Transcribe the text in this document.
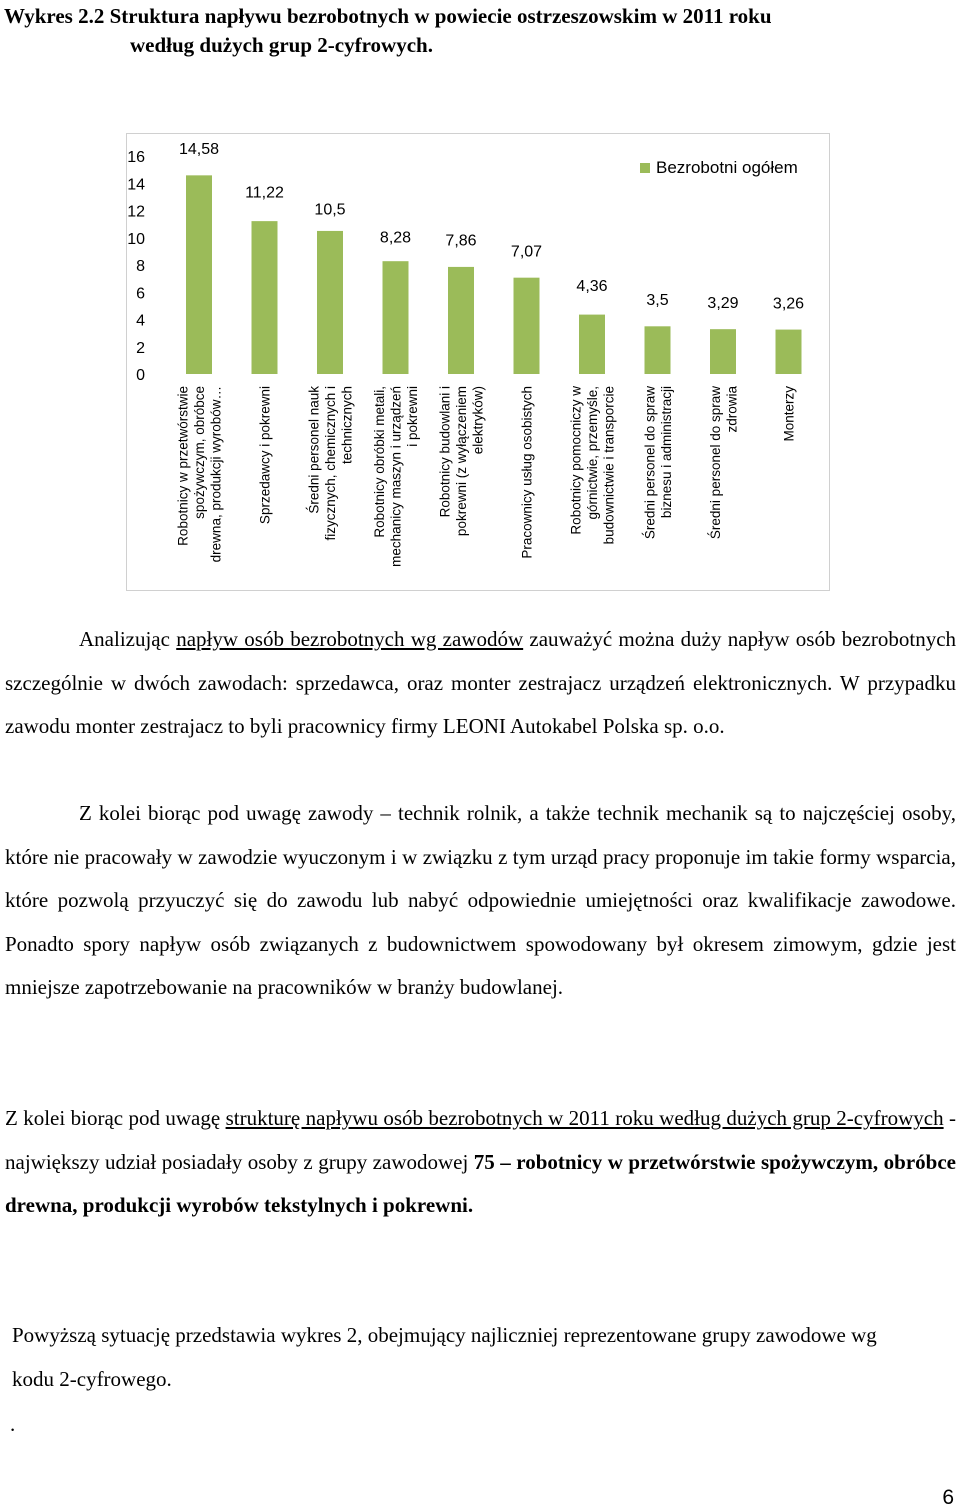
Wykres 2.2 Struktura napływu bezrobotnych w powiecie ostrzeszowskim w 2011 roku
według dużych grup 2-cyfrowych.
0
2
4
6
8
10
12
14
16 14,58
Robotnicy w przetwórstwie spożywczym, obróbce drewna, produkcji wyrobów…
11,22
Sprzedawcy i pokrewni
10,5
Średni personel nauk fizycznych, chemicznych i technicznych
8,28
Robotnicy obróbki metali, mechanicy maszyn i urządzeń i pokrewni
7,86
Robotnicy budowlani i pokrewni (z wyłączeniem elektryków)
7,07
Pracownicy usług osobistych
4,36
Robotnicy pomocniczy w górnictwie, przemyśle, budownictwie i transporcie
3,5
Średni personel do spraw biznesu i administracji
3,29
Średni personel do spraw zdrowia
3,26
Monterzy
Bezrobotni ogółem
Analizując napływ osób bezrobotnych wg zawodów zauważyć można duży napływ osób bezrobotnych szczególnie w dwóch zawodach: sprzedawca, oraz monter zestrajacz urządzeń elektronicznych. W przypadku zawodu monter zestrajacz to byli pracownicy firmy LEONI Autokabel Polska sp. o.o.
Z kolei biorąc pod uwagę zawody – technik rolnik, a także technik mechanik są to najczęściej osoby, które nie pracowały w zawodzie wyuczonym i w związku z tym urząd pracy proponuje im takie formy wsparcia, które pozwolą przyuczyć się do zawodu lub nabyć odpowiednie umiejętności oraz kwalifikacje zawodowe. Ponadto spory napływ osób związanych z budownictwem spowodowany był okresem zimowym, gdzie jest mniejsze zapotrzebowanie na pracowników w branży budowlanej.
Z kolei biorąc pod uwagę strukturę napływu osób bezrobotnych w 2011 roku według dużych grup 2-cyfrowych - największy udział posiadały osoby z grupy zawodowej 75 – robotnicy w przetwórstwie spożywczym, obróbce drewna, produkcji wyrobów tekstylnych i pokrewni.
Powyższą sytuację przedstawia wykres 2, obejmujący najliczniej reprezentowane grupy zawodowe wg kodu 2-cyfrowego.
.
6
